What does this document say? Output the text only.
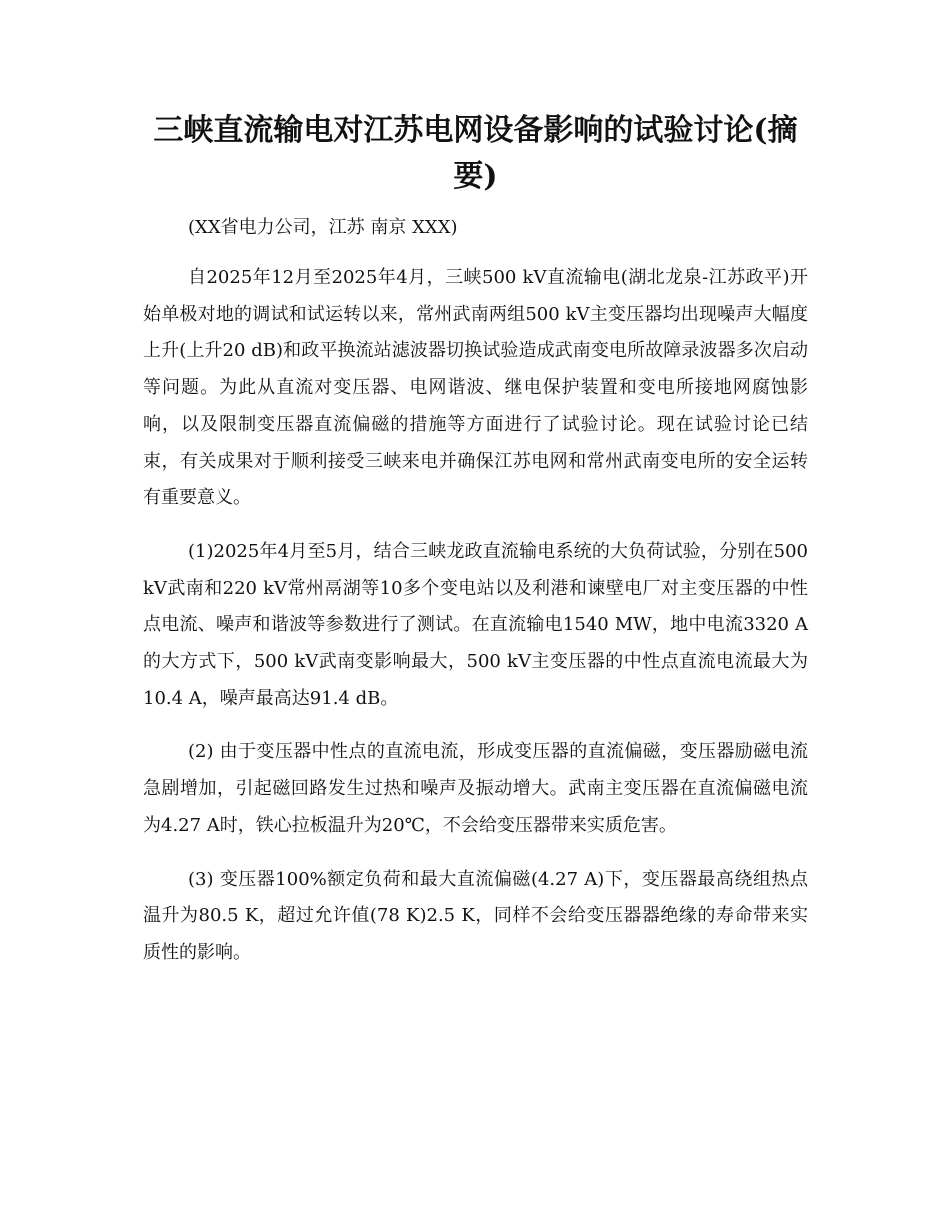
三峡直流输电对江苏电网设备影响的试验讨论(摘要)

(XX省电力公司，江苏 南京 XXX)

自2025年12月至2025年4月，三峡500 kV直流输电(湖北龙泉-江苏政平)开始单极对地的调试和试运转以来，常州武南两组500 kV主变压器均出现噪声大幅度上升(上升20 dB)和政平换流站滤波器切换试验造成武南变电所故障录波器多次启动等问题。为此从直流对变压器、电网谐波、继电保护装置和变电所接地网腐蚀影响，以及限制变压器直流偏磁的措施等方面进行了试验讨论。现在试验讨论已结束，有关成果对于顺利接受三峡来电并确保江苏电网和常州武南变电所的安全运转有重要意义。

(1)2025年4月至5月，结合三峡龙政直流输电系统的大负荷试验，分别在500 kV武南和220 kV常州鬲湖等10多个变电站以及利港和谏壁电厂对主变压器的中性点电流、噪声和谐波等参数进行了测试。在直流输电1540 MW，地中电流3320 A的大方式下，500 kV武南变影响最大，500 kV主变压器的中性点直流电流最大为10.4 A，噪声最高达91.4 dB。

(2) 由于变压器中性点的直流电流，形成变压器的直流偏磁，变压器励磁电流急剧增加，引起磁回路发生过热和噪声及振动增大。武南主变压器在直流偏磁电流为4.27 A时，铁心拉板温升为20℃，不会给变压器带来实质危害。

(3) 变压器100%额定负荷和最大直流偏磁(4.27 A)下，变压器最高绕组热点温升为80.5 K，超过允许值(78 K)2.5 K，同样不会给变压器器绝缘的寿命带来实质性的影响。
